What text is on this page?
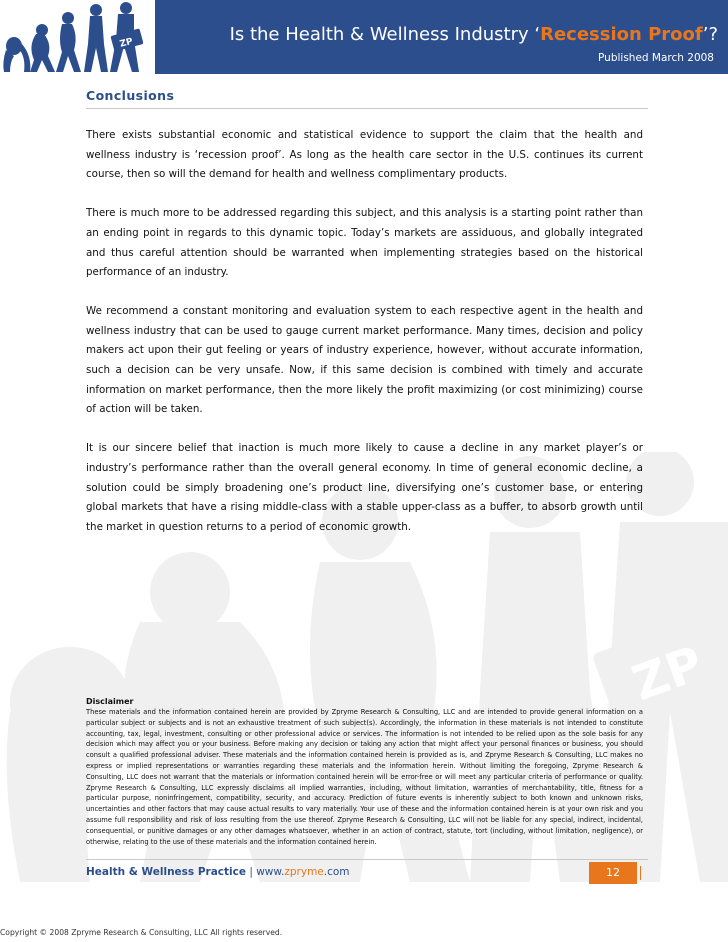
ZP	Is the Health & Wellness Industry ‘Recession Proof’?
Published March 2008
ZP
Conclusions

There exists substantial economic and statistical evidence to support the claim that the health and wellness industry is ‘recession proof’. As long as the health care sector in the U.S. continues its current course, then so will the demand for health and wellness complimentary products.

There is much more to be addressed regarding this subject, and this analysis is a starting point rather than an ending point in regards to this dynamic topic. Today’s markets are assiduous, and globally integrated and thus careful attention should be warranted when implementing strategies based on the historical performance of an industry.

We recommend a constant monitoring and evaluation system to each respective agent in the health and wellness industry that can be used to gauge current market performance. Many times, decision and policy makers act upon their gut feeling or years of industry experience, however, without accurate information, such a decision can be very unsafe. Now, if this same decision is combined with timely and accurate information on market performance, then the more likely the profit maximizing (or cost minimizing) course of action will be taken.

It is our sincere belief that inaction is much more likely to cause a decline in any market player’s or industry’s performance rather than the overall general economy. In time of general economic decline, a solution could be simply broadening one’s product line, diversifying one’s customer base, or entering global markets that have a rising middle-class with a stable upper-class as a buffer, to absorb growth until the market in question returns to a period of economic growth.

Disclaimer

These materials and the information contained herein are provided by Zpryme Research & Consulting, LLC and are intended to provide general information on a particular subject or subjects and is not an exhaustive treatment of such subject(s). Accordingly, the information in these materials is not intended to constitute accounting, tax, legal, investment, consulting or other professional advice or services. The information is not intended to be relied upon as the sole basis for any decision which may affect you or your business. Before making any decision or taking any action that might affect your personal finances or business, you should consult a qualified professional adviser. These materials and the information contained herein is provided as is, and Zpryme Research & Consulting, LLC makes no express or implied representations or warranties regarding these materials and the information herein. Without limiting the foregoing, Zpryme Research & Consulting, LLC does not warrant that the materials or information contained herein will be error-free or will meet any particular criteria of performance or quality. Zpryme Research & Consulting, LLC expressly disclaims all implied warranties, including, without limitation, warranties of merchantability, title, fitness for a particular purpose, noninfringement, compatibility, security, and accuracy. Prediction of future events is inherently subject to both known and unknown risks, uncertainties and other factors that may cause actual results to vary materially. Your use of these and the information contained herein is at your own risk and you assume full responsibility and risk of loss resulting from the use thereof. Zpryme Research & Consulting, LLC will not be liable for any special, indirect, incidental, consequential, or punitive damages or any other damages whatsoever, whether in an action of contract, statute, tort (including, without limitation, negligence), or otherwise, relating to the use of these materials and the information contained herein.

Health & Wellness Practice | www.zpryme.com	12
Copyright © 2008 Zpryme Research & Consulting, LLC All rights reserved.
